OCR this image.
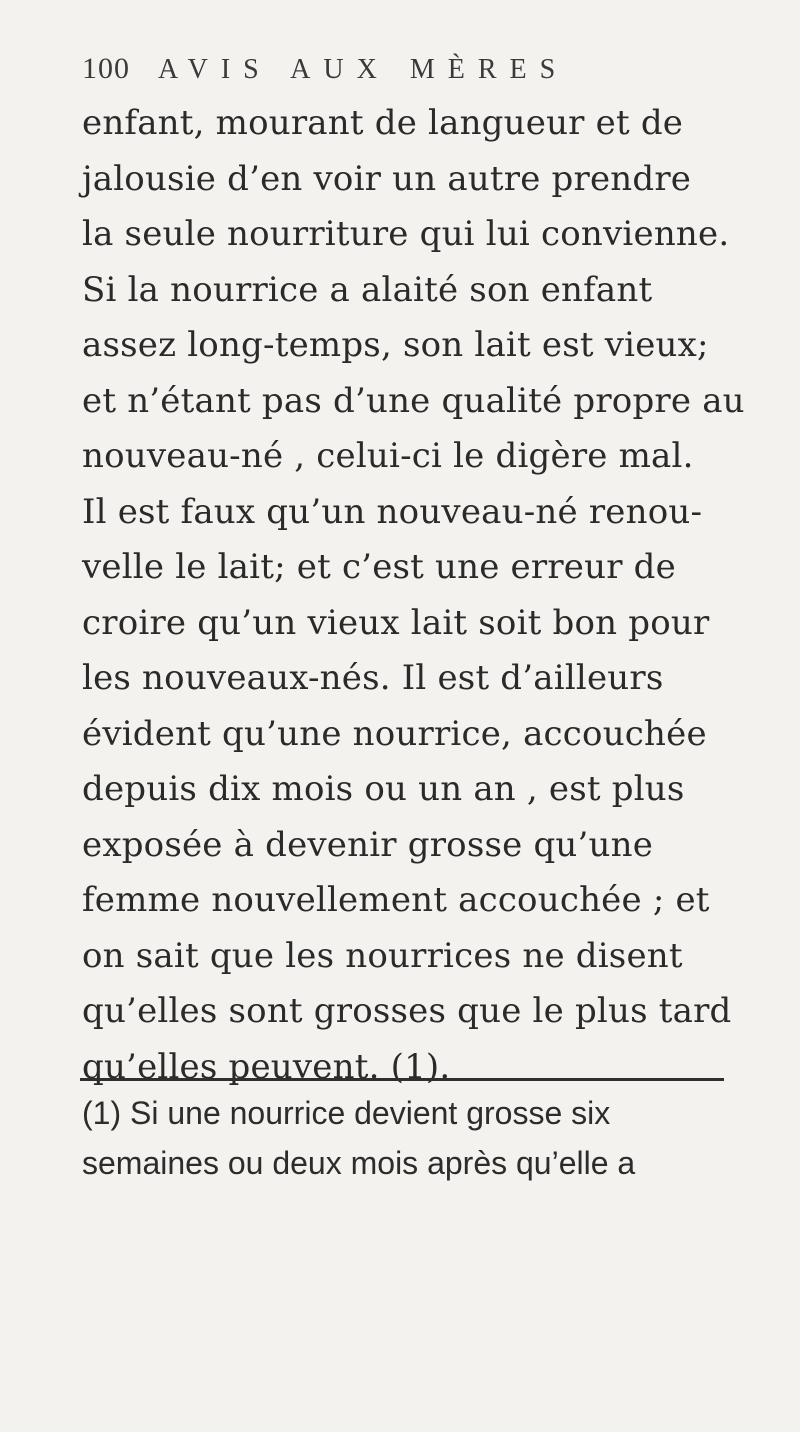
100 AVIS AUX MÈRES
enfant, mourant de langueur et de
jalousie d’en voir un autre prendre
la seule nourriture qui lui convienne.
Si la nourrice a alaité son enfant
assez long-temps, son lait est vieux;
et n’étant pas d’une qualité propre au
nouveau-né , celui-ci le digère mal.
Il est faux qu’un nouveau-né renou-
velle le lait; et c’est une erreur de
croire qu’un vieux lait soit bon pour
les nouveaux-nés. Il est d’ailleurs
évident qu’une nourrice, accouchée
depuis dix mois ou un an , est plus
exposée à devenir grosse qu’une
femme nouvellement accouchée ; et
on sait que les nourrices ne disent
qu’elles sont grosses que le plus tard
qu’elles peuvent. (1).
(1) Si une nourrice devient grosse six
semaines ou deux mois après qu’elle a
